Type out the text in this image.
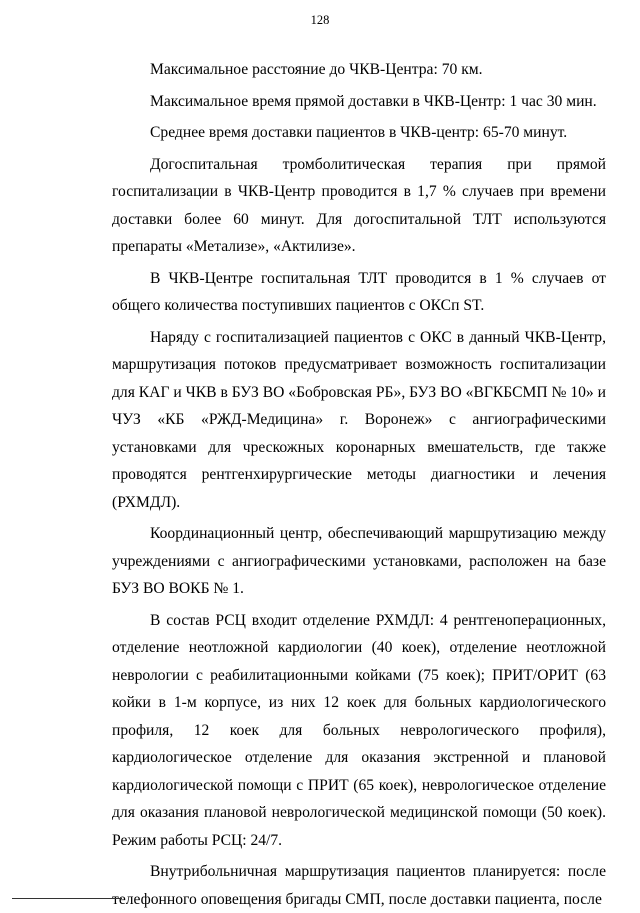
128

Максимальное расстояние до ЧКВ-Центра: 70 км.

Максимальное время прямой доставки в ЧКВ-Центр: 1 час 30 мин.

Среднее время доставки пациентов в ЧКВ-центр: 65-70 минут.

Догоспитальная тромболитическая терапия при прямой госпитализации в ЧКВ-Центр проводится в 1,7 % случаев при времени доставки более 60 минут. Для догоспитальной ТЛТ используются препараты «Метализе», «Актилизе».

В ЧКВ-Центре госпитальная ТЛТ проводится в 1 % случаев от общего количества поступивших пациентов с ОКСп ST.

Наряду с госпитализацией пациентов с ОКС в данный ЧКВ-Центр, маршрутизация потоков предусматривает возможность госпитализации для КАГ и ЧКВ в БУЗ ВО «Бобровская РБ», БУЗ ВО «ВГКБСМП № 10» и ЧУЗ «КБ «РЖД-Медицина» г. Воронеж» с ангиографическими установками для чрескожных коронарных вмешательств, где также проводятся рентгенхирургические методы диагностики и лечения (РХМДЛ).

Координационный центр, обеспечивающий маршрутизацию между учреждениями с ангиографическими установками, расположен на базе БУЗ ВО ВОКБ № 1.

В состав РСЦ входит отделение РХМДЛ: 4 рентгеноперационных, отделение неотложной кардиологии (40 коек), отделение неотложной неврологии с реабилитационными койками (75 коек); ПРИТ/ОРИТ (63 койки в 1-м корпусе, из них 12 коек для больных кардиологического профиля, 12 коек для больных неврологического профиля), кардиологическое отделение для оказания экстренной и плановой кардиологической помощи с ПРИТ (65 коек), неврологическое отделение для оказания плановой неврологической медицинской помощи (50 коек). Режим работы РСЦ: 24/7.

Внутрибольничная маршрутизация пациентов планируется: после телефонного оповещения бригады СМП, после доставки пациента, после
